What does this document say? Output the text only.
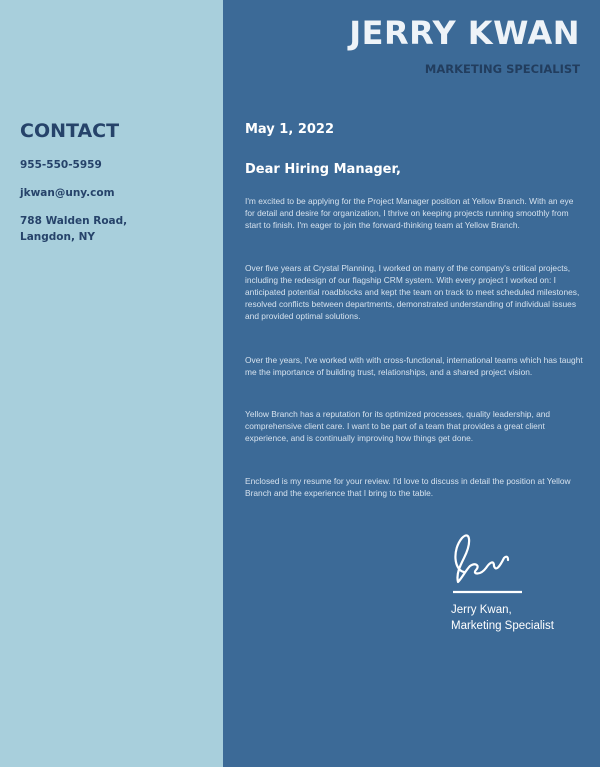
CONTACT

955-550-5959

jkwan@uny.com

788 Walden Road,

Langdon, NY

JERRY KWAN

MARKETING SPECIALIST

May 1, 2022

Dear Hiring Manager,

I'm excited to be applying for the Project Manager position at Yellow Branch. With an eye for detail and desire for organization, I thrive on keeping projects running smoothly from start to finish. I'm eager to join the forward-thinking team at Yellow Branch.

Over five years at Crystal Planning, I worked on many of the company's critical projects, including the redesign of our flagship CRM system. With every project I worked on: I anticipated potential roadblocks and kept the team on track to meet scheduled milestones, resolved conflicts between departments, demonstrated understanding of individual issues and provided optimal solutions.

Over the years, I've worked with with cross-functional, international teams which has taught me the importance of building trust, relationships, and a shared project vision.

Yellow Branch has a reputation for its optimized processes, quality leadership, and comprehensive client care. I want to be part of a team that provides a great client experience, and is continually improving how things get done.

Enclosed is my resume for your review. I'd love to discuss in detail the position at Yellow Branch and the experience that I bring to the table.

Jerry Kwan,

Marketing Specialist
